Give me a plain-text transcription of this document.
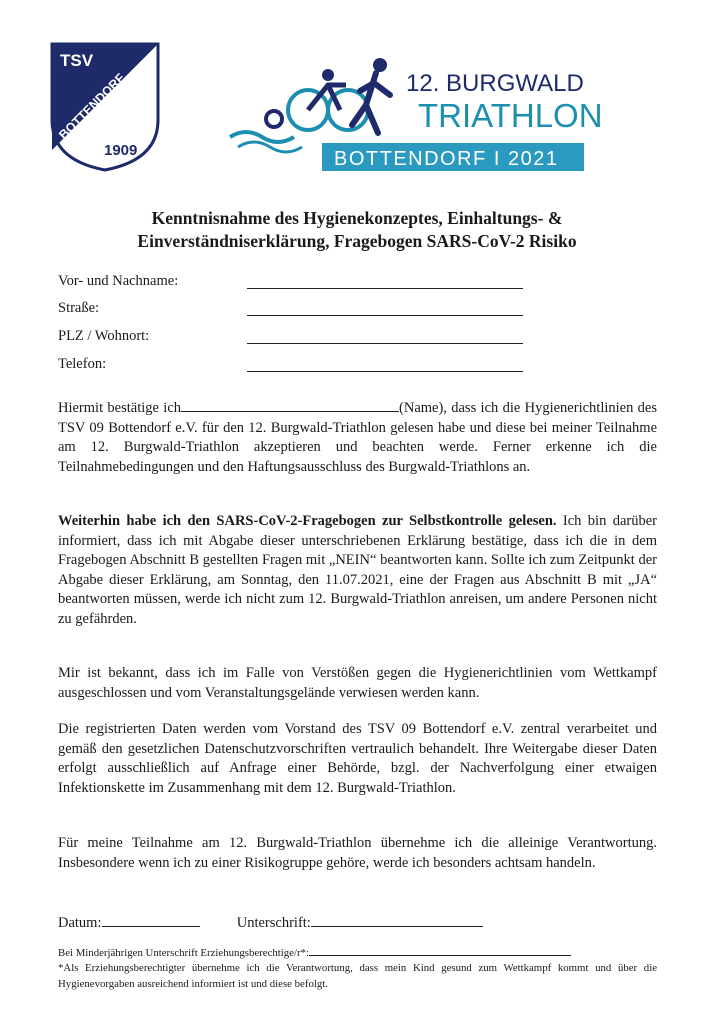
TSV
BOTTENDORF
1909
12. BURGWALD
TRIATHLON
BOTTENDORF I 2021
Kenntnisnahme des Hygienekonzeptes, Einhaltungs- &
Einverständniserklärung, Fragebogen SARS-CoV-2 Risiko
Vor- und Nachname:
Straße:
PLZ / Wohnort:
Telefon:
Hiermit bestätige ich	(Name), dass ich die Hygienerichtlinien des TSV 09 Bottendorf e.V. für den 12. Burgwald-Triathlon gelesen habe und diese bei meiner Teilnahme am 12. Burgwald-Triathlon akzeptieren und beachten werde. Ferner erkenne ich die Teilnahmebedingungen und den Haftungsausschluss des Burgwald-Triathlons an.
Weiterhin habe ich den SARS-CoV-2-Fragebogen zur Selbstkontrolle gelesen. Ich bin darüber informiert, dass ich mit Abgabe dieser unterschriebenen Erklärung bestätige, dass ich die in dem Fragebogen Abschnitt B gestellten Fragen mit „NEIN“ beantworten kann. Sollte ich zum Zeitpunkt der Abgabe dieser Erklärung, am Sonntag, den 11.07.2021, eine der Fragen aus Abschnitt B mit „JA“ beantworten müssen, werde ich nicht zum 12. Burgwald-Triathlon anreisen, um andere Personen nicht zu gefährden.
Mir ist bekannt, dass ich im Falle von Verstößen gegen die Hygienerichtlinien vom Wettkampf ausgeschlossen und vom Veranstaltungsgelände verwiesen werden kann.
Die registrierten Daten werden vom Vorstand des TSV 09 Bottendorf e.V. zentral verarbeitet und gemäß den gesetzlichen Datenschutzvorschriften vertraulich behandelt. Ihre Weitergabe dieser Daten erfolgt ausschließlich auf Anfrage einer Behörde, bzgl. der Nachverfolgung einer etwaigen Infektionskette im Zusammenhang mit dem 12. Burgwald-Triathlon.
Für meine Teilnahme am 12. Burgwald-Triathlon übernehme ich die alleinige Verantwortung. Insbesondere wenn ich zu einer Risikogruppe gehöre, werde ich besonders achtsam handeln.
Datum:	Unterschrift:
Bei Minderjährigen Unterschrift Erziehungsberechtige/r*:
*Als Erziehungsberechtigter übernehme ich die Verantwortung, dass mein Kind gesund zum Wettkampf kommt und über die Hygienevorgaben ausreichend informiert ist und diese befolgt.
